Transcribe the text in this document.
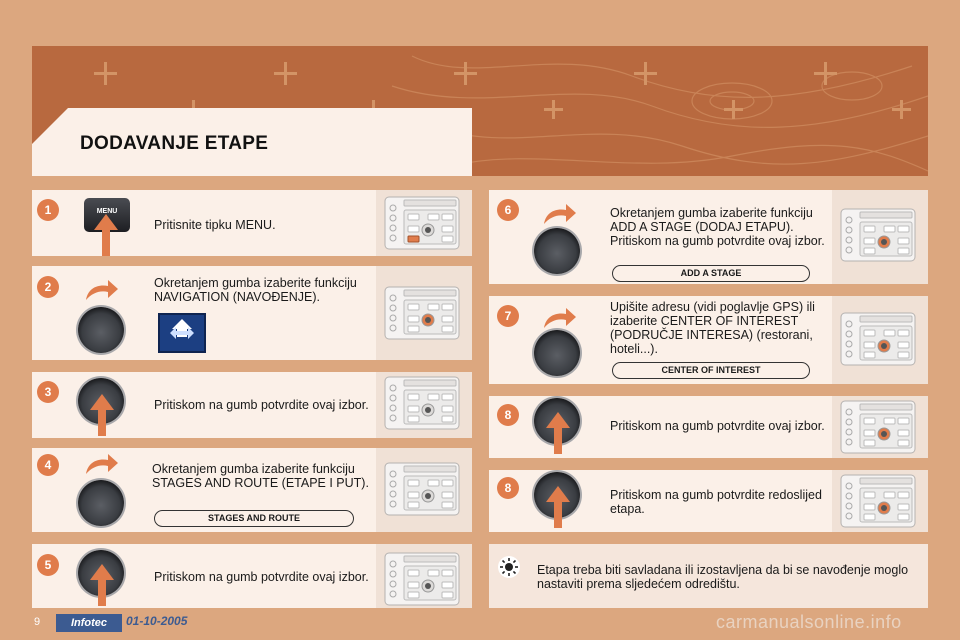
DODAVANJE ETAPE
1	MENU
Pritisnite tipku MENU.
2	Okretanjem gumba izaberite funkciju NAVIGATION (NAVOĐENJE).
3
Pritiskom na gumb potvrdite ovaj izbor.
4	Okretanjem gumba izaberite funkciju STAGES AND ROUTE (ETAPE I PUT).
STAGES AND ROUTE
5
Pritiskom na gumb potvrdite ovaj izbor.
6	Okretanjem gumba izaberite funkciju ADD A STAGE (DODAJ ETAPU). Pritiskom na gumb potvrdite ovaj izbor.
ADD A STAGE
7
Upišite adresu (vidi poglavlje GPS) ili izaberite CENTER OF INTEREST (PODRUČJE INTERESA) (restorani, hoteli...).
CENTER OF INTEREST
8
Pritiskom na gumb potvrdite ovaj izbor.
8	Pritiskom na gumb potvrdite redoslijed etapa.
Etapa treba biti savladana ili izostavljena da bi se navođenje moglo nastaviti prema sljedećem odredištu.
9	Infotec	01-10-2005	carmanualsonline.info
